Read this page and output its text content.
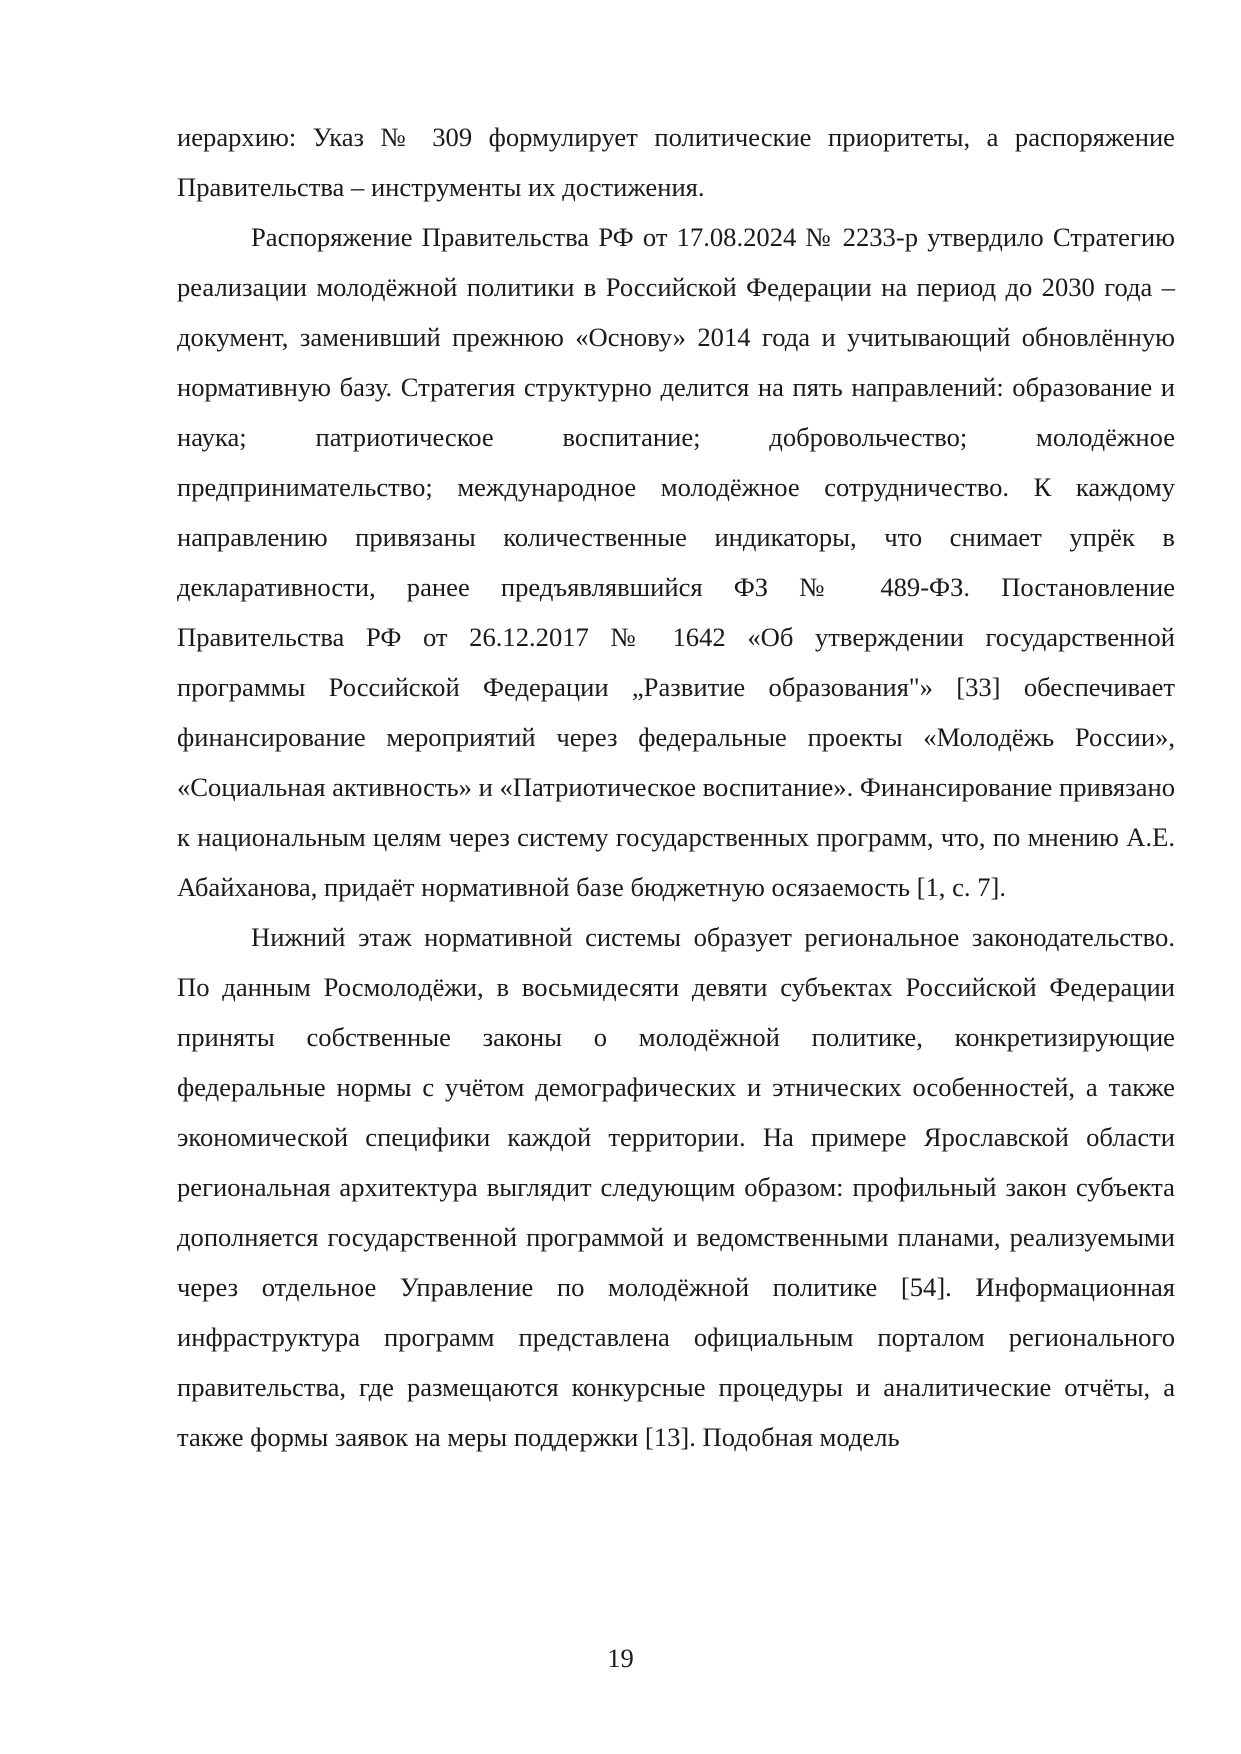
иерархию: Указ № 309 формулирует политические приоритеты, а распоряжение Правительства – инструменты их достижения.

Распоряжение Правительства РФ от 17.08.2024 № 2233-р утвердило Стратегию реализации молодёжной политики в Российской Федерации на период до 2030 года – документ, заменивший прежнюю «Основу» 2014 года и учитывающий обновлённую нормативную базу. Стратегия структурно делится на пять направлений: образование и наука; патриотическое воспитание; добровольчество; молодёжное предпринимательство; международное молодёжное сотрудничество. К каждому направлению привязаны количественные индикаторы, что снимает упрёк в декларативности, ранее предъявлявшийся ФЗ № 489-ФЗ. Постановление Правительства РФ от 26.12.2017 № 1642 «Об утверждении государственной программы Российской Федерации „Развитие образования"» [33] обеспечивает финансирование мероприятий через федеральные проекты «Молодёжь России», «Социальная активность» и «Патриотическое воспитание». Финансирование привязано к национальным целям через систему государственных программ, что, по мнению А.Е. Абайханова, придаёт нормативной базе бюджетную осязаемость [1, с. 7].

Нижний этаж нормативной системы образует региональное законодательство. По данным Росмолодёжи, в восьмидесяти девяти субъектах Российской Федерации приняты собственные законы о молодёжной политике, конкретизирующие федеральные нормы с учётом демографических и этнических особенностей, а также экономической специфики каждой территории. На примере Ярославской области региональная архитектура выглядит следующим образом: профильный закон субъекта дополняется государственной программой и ведомственными планами, реализуемыми через отдельное Управление по молодёжной политике [54]. Информационная инфраструктура программ представлена официальным порталом регионального правительства, где размещаются конкурсные процедуры и аналитические отчёты, а также формы заявок на меры поддержки [13]. Подобная модель

19
